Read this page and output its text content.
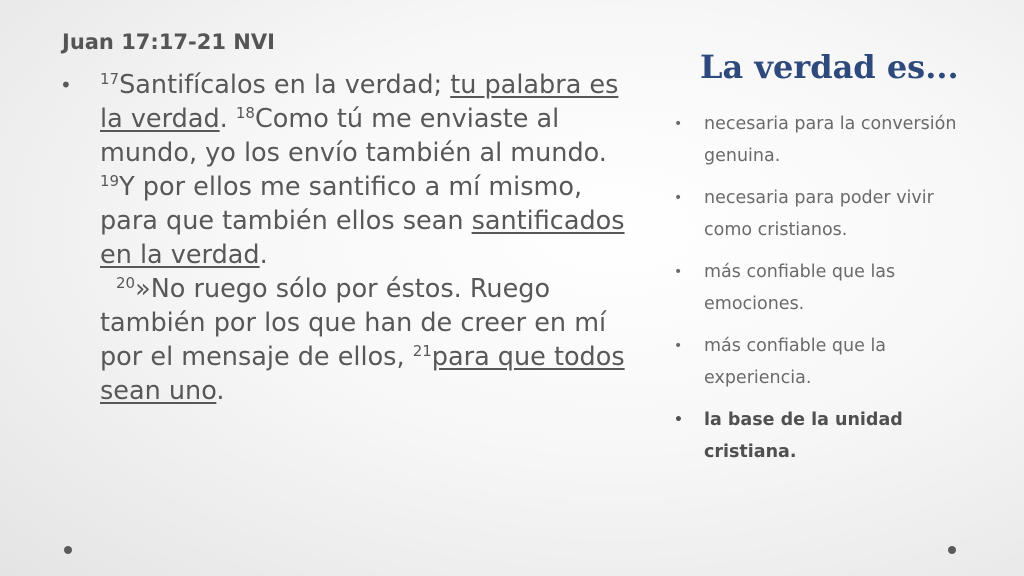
Juan 17:17-21 NVI
• $^{17}$Santifícalos en la verdad; tu palabra es la verdad. $^{18}$Como tú me enviaste al mundo, yo los envío también al mundo. $^{19}$Y por ellos me santifico a mí mismo, para que también ellos sean santificados en la verdad.
$^{20}$»No ruego sólo por éstos. Ruego también por los que han de creer en mí por el mensaje de ellos, $^{21}$para que todos sean uno.
La verdad es...
• necesaria para la conversión genuina.
• necesaria para poder vivir como cristianos.
• más confiable que las emociones.
• más confiable que la experiencia.
• la base de la unidad cristiana.
